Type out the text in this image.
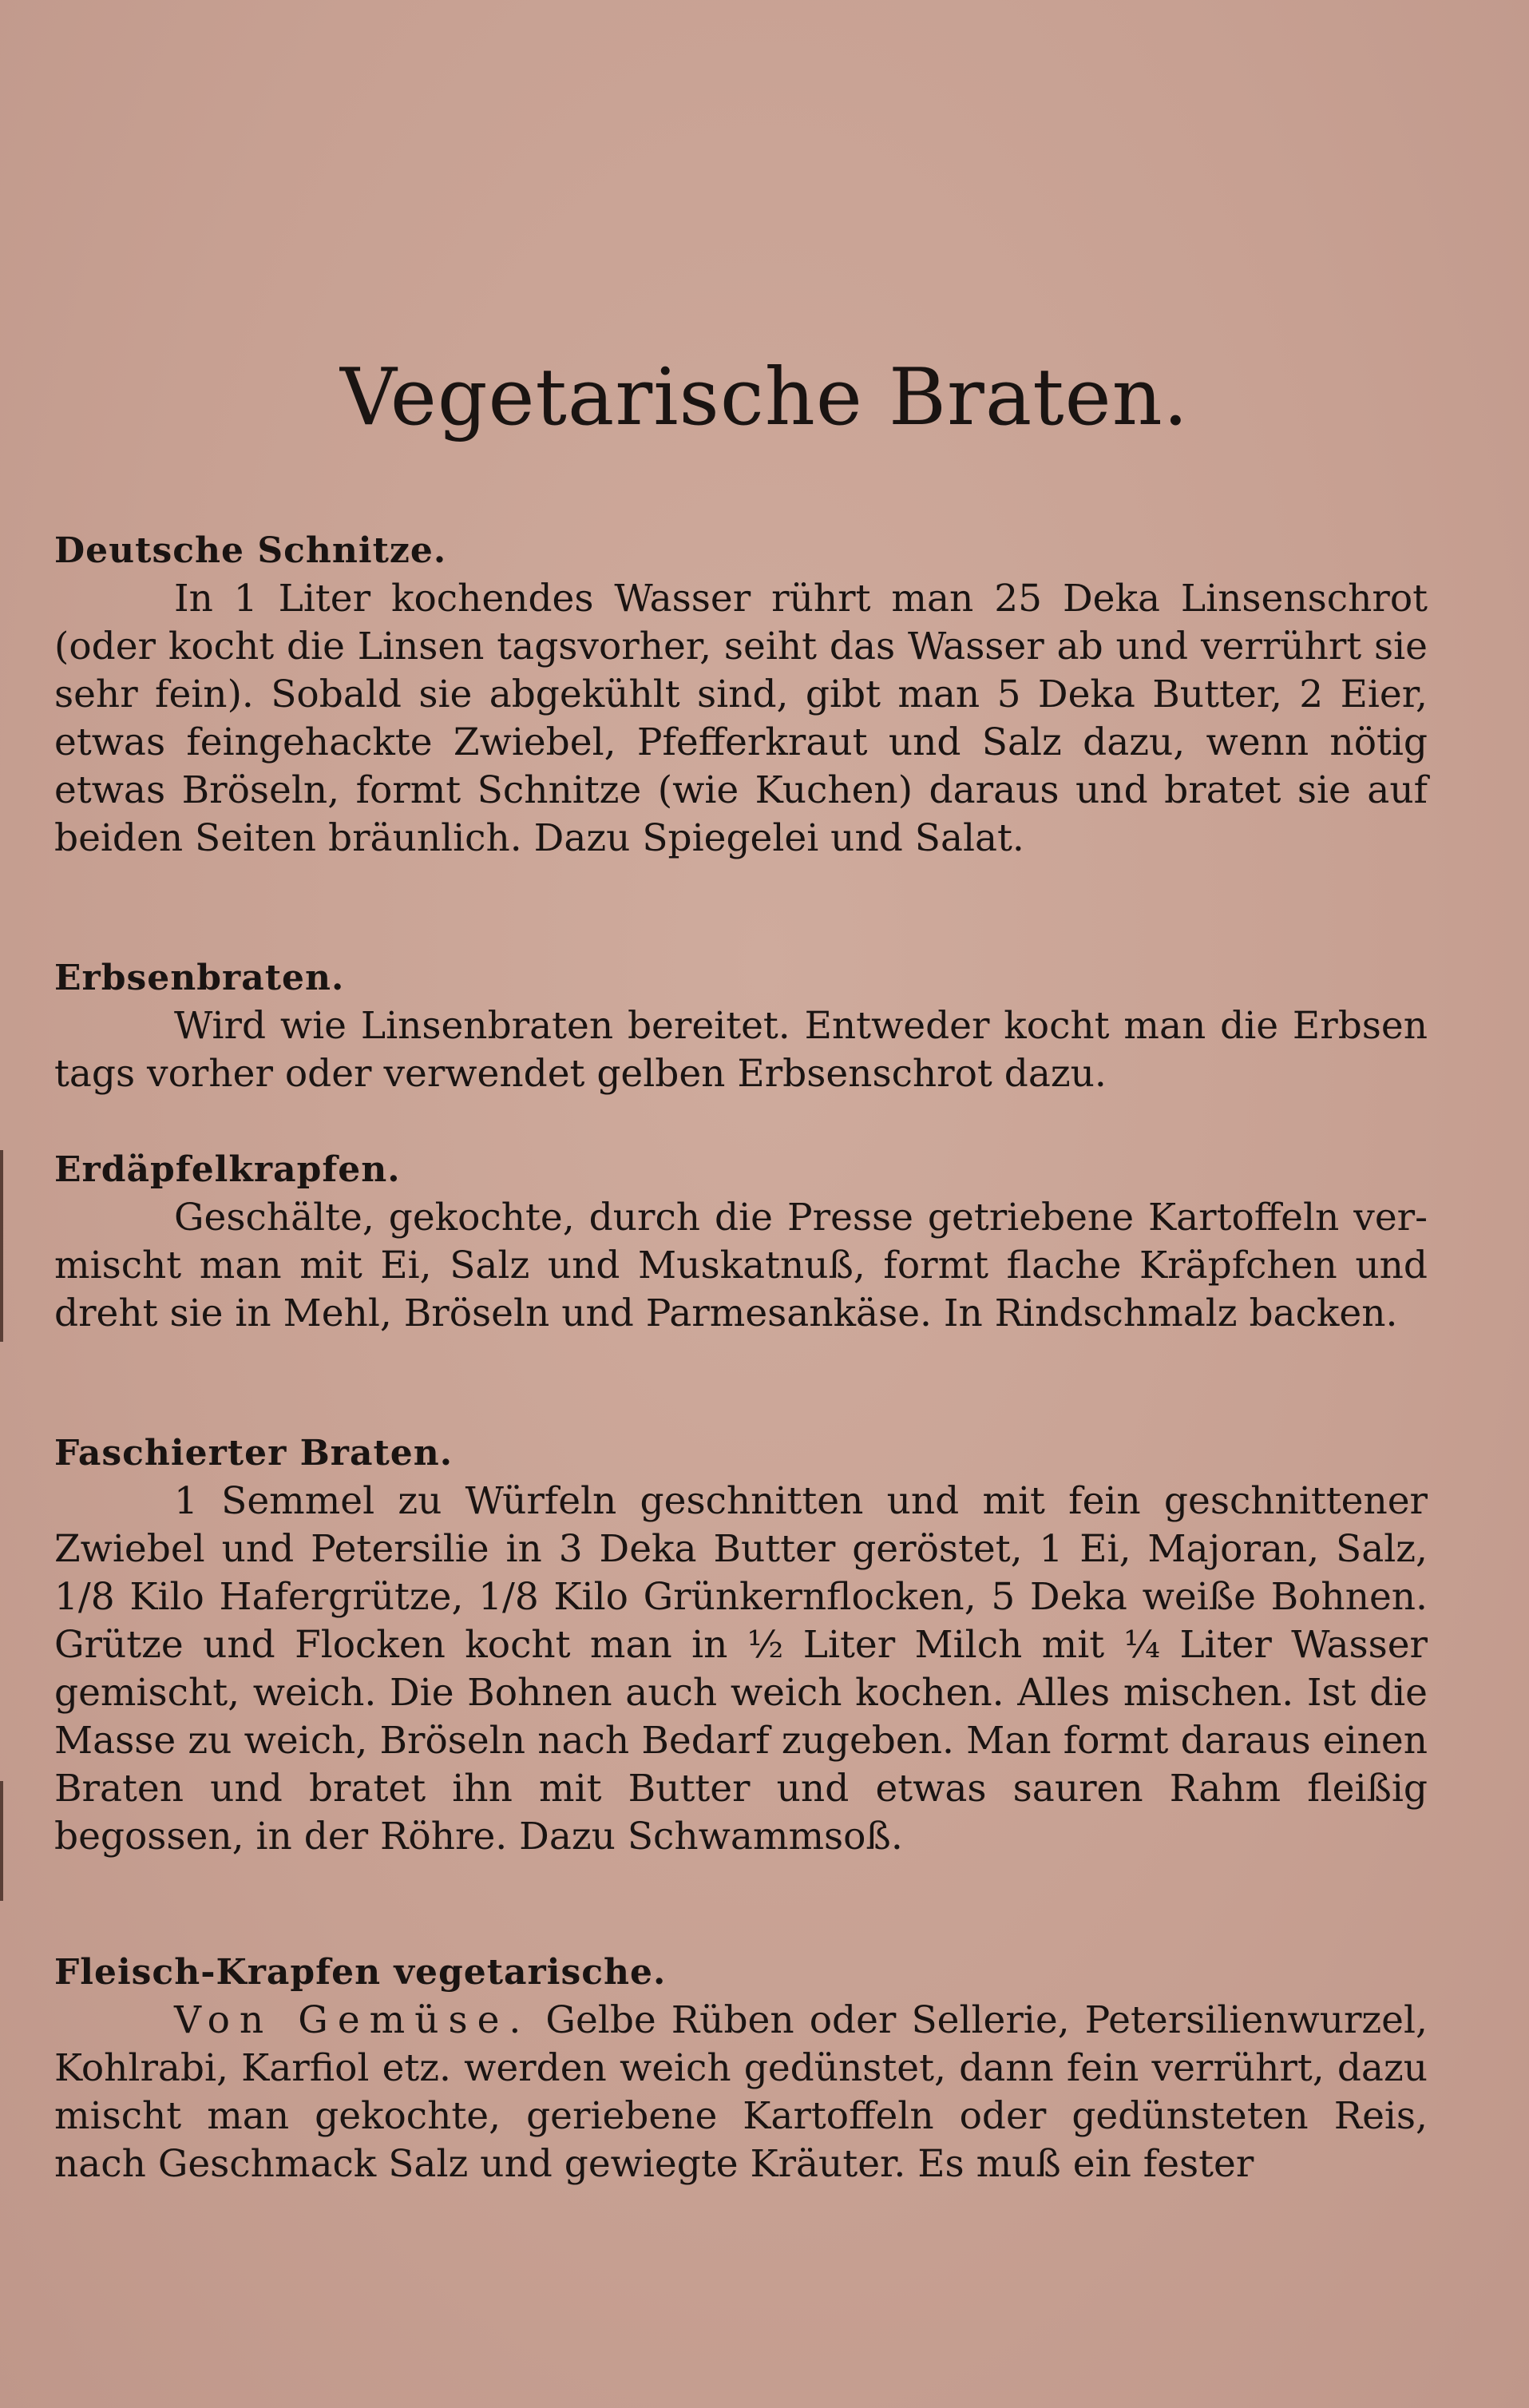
Vegetarische Braten.

Deutsche Schnitze.

In 1 Liter kochendes Wasser rührt man 25 Deka Linsenschrot (oder kocht die Linsen tagsvorher, seiht das Wasser ab und verrührt sie sehr fein). Sobald sie abgekühlt sind, gibt man 5 Deka Butter, 2 Eier, etwas feingehackte Zwiebel, Pfefferkraut und Salz dazu, wenn nötig etwas Bröseln, formt Schnitze (wie Kuchen) daraus und bratet sie auf beiden Seiten bräunlich. Dazu Spiegelei und Salat.

Erbsenbraten.

Wird wie Linsenbraten bereitet. Entweder kocht man die Erbsen tags vorher oder verwendet gelben Erbsenschrot dazu.

Erdäpfelkrapfen.

Geschälte, gekochte, durch die Presse getriebene Kartoffeln vermischt man mit Ei, Salz und Muskatnuß, formt flache Kräpfchen und dreht sie in Mehl, Bröseln und Parmesankäse. In Rindschmalz backen.

Faschierter Braten.

1 Semmel zu Würfeln geschnitten und mit fein geschnittener Zwiebel und Petersilie in 3 Deka Butter geröstet, 1 Ei, Majoran, Salz, 1/8 Kilo Hafergrütze, 1/8 Kilo Grünkernflocken, 5 Deka weiße Bohnen. Grütze und Flocken kocht man in ½ Liter Milch mit ¼ Liter Wasser gemischt, weich. Die Bohnen auch weich kochen. Alles mischen. Ist die Masse zu weich, Bröseln nach Bedarf zugeben. Man formt daraus einen Braten und bratet ihn mit Butter und etwas sauren Rahm fleißig begossen, in der Röhre. Dazu Schwammsoß.

Fleisch-Krapfen vegetarische.

Von Gemüse. Gelbe Rüben oder Sellerie, Petersilienwurzel, Kohlrabi, Karfiol etz. werden weich gedünstet, dann fein verrührt, dazu mischt man gekochte, geriebene Kartoffeln oder gedünsteten Reis, nach Geschmack Salz und gewiegte Kräuter. Es muß ein fester
